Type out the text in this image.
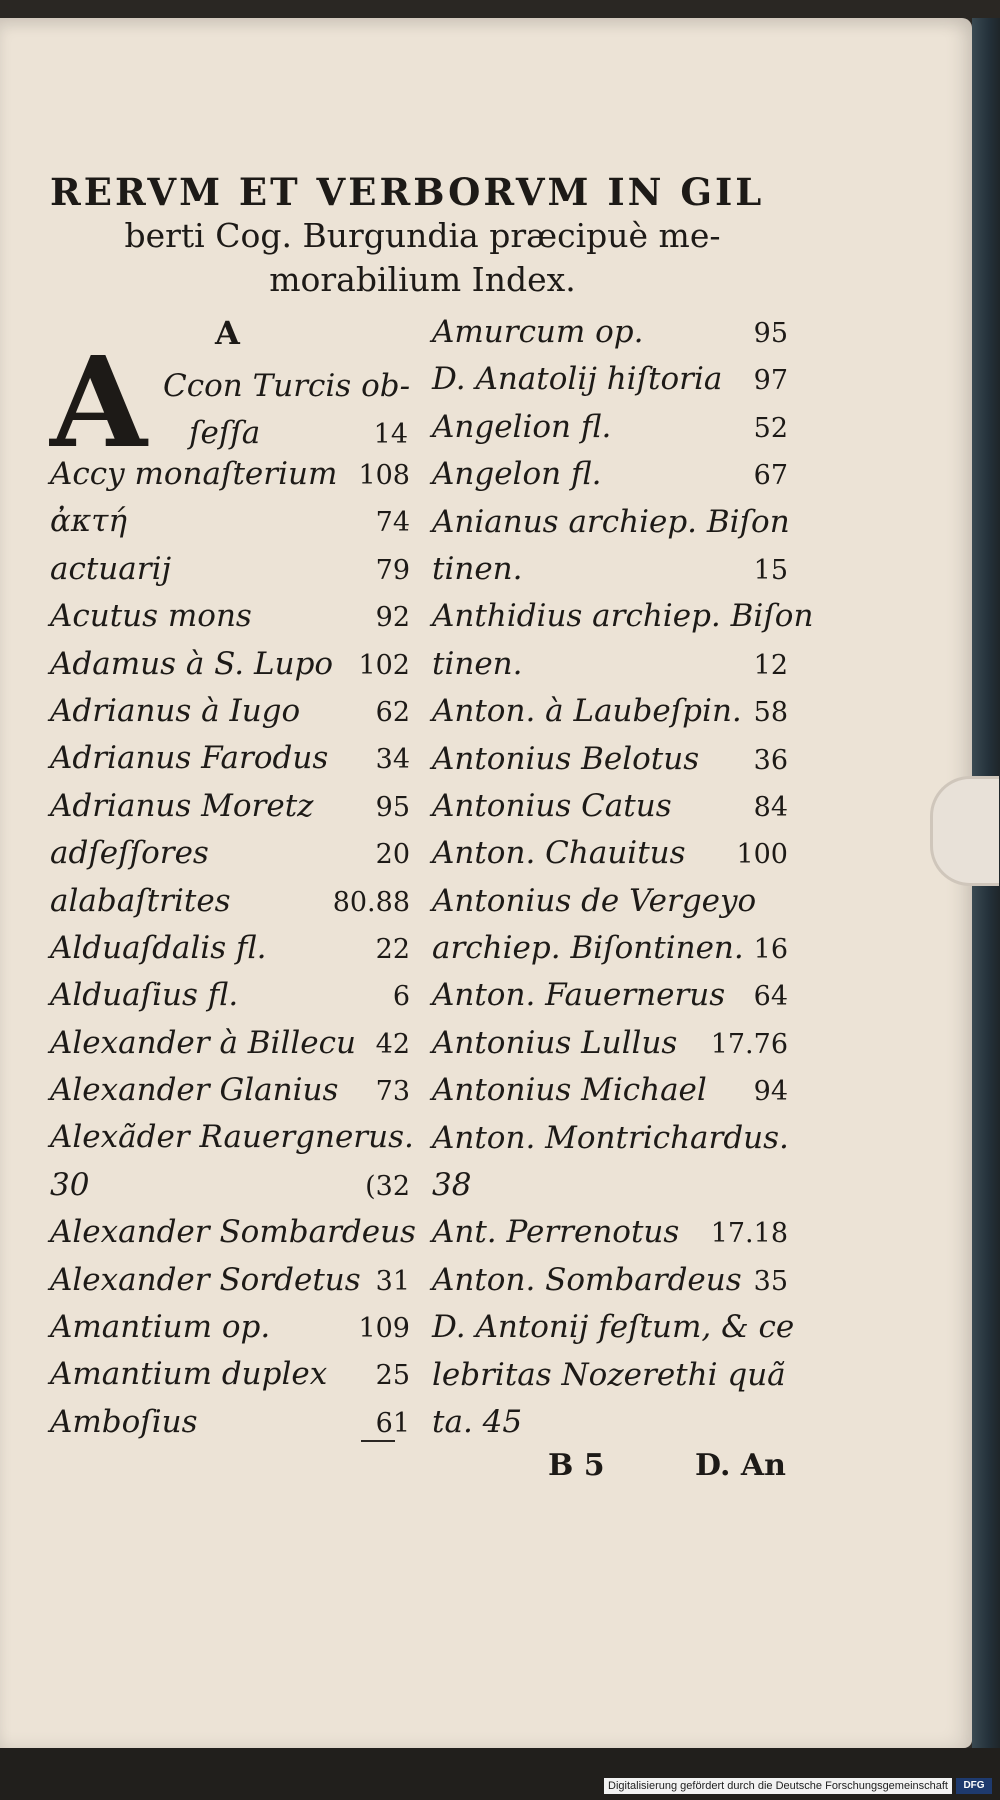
RERVM ET VERBORVM IN GIL
berti Cog. Burgundia præcipuè me-
morabilium Index.
A
A Ccon Turcis ob-
ſeſſa	14
Accy monaſterium 108
ἀκτή	74
actuarij	79
Acutus mons	92
Adamus à S. Lupo 102
Adrianus à Iugo	62
Adrianus Farodus 34
Adrianus Moretz 95
adſeſſores	20
alabaſtrites	80.88
Alduaſdalis fl.	22
Alduaſius fl.	6
Alexander à Billecu 42
Alexander Glanius 73
Alexãder Rauergnerus.
30	(32
Alexander Sombardeus
Alexander Sordetus 31
Amantium op.	109
Amantium duplex 25
Amboſius	61
Amurcum op.	95
D. Anatolij hiſtoria 97
Angelion fl.	52
Angelon fl.	67
Anianus archiep. Biſon
tinen.	15
Anthidius archiep. Biſon
tinen.	12
Anton. à Laubeſpin. 58
Antonius Belotus 36
Antonius Catus	84
Anton. Chauitus 100
Antonius de Vergeyo
archiep. Biſontinen. 16
Anton. Fauernerus 64
Antonius Lullus 17.76
Antonius Michael 94
Anton. Montrichardus.
38
Ant. Perrenotus 17.18
Anton. Sombardeus 35
D. Antonij feſtum, & ce
lebritas Nozerethi quã
ta. 45
B 5	D. An
Digitalisierung gefördert durch die Deutsche Forschungsgemeinschaft	DFG
